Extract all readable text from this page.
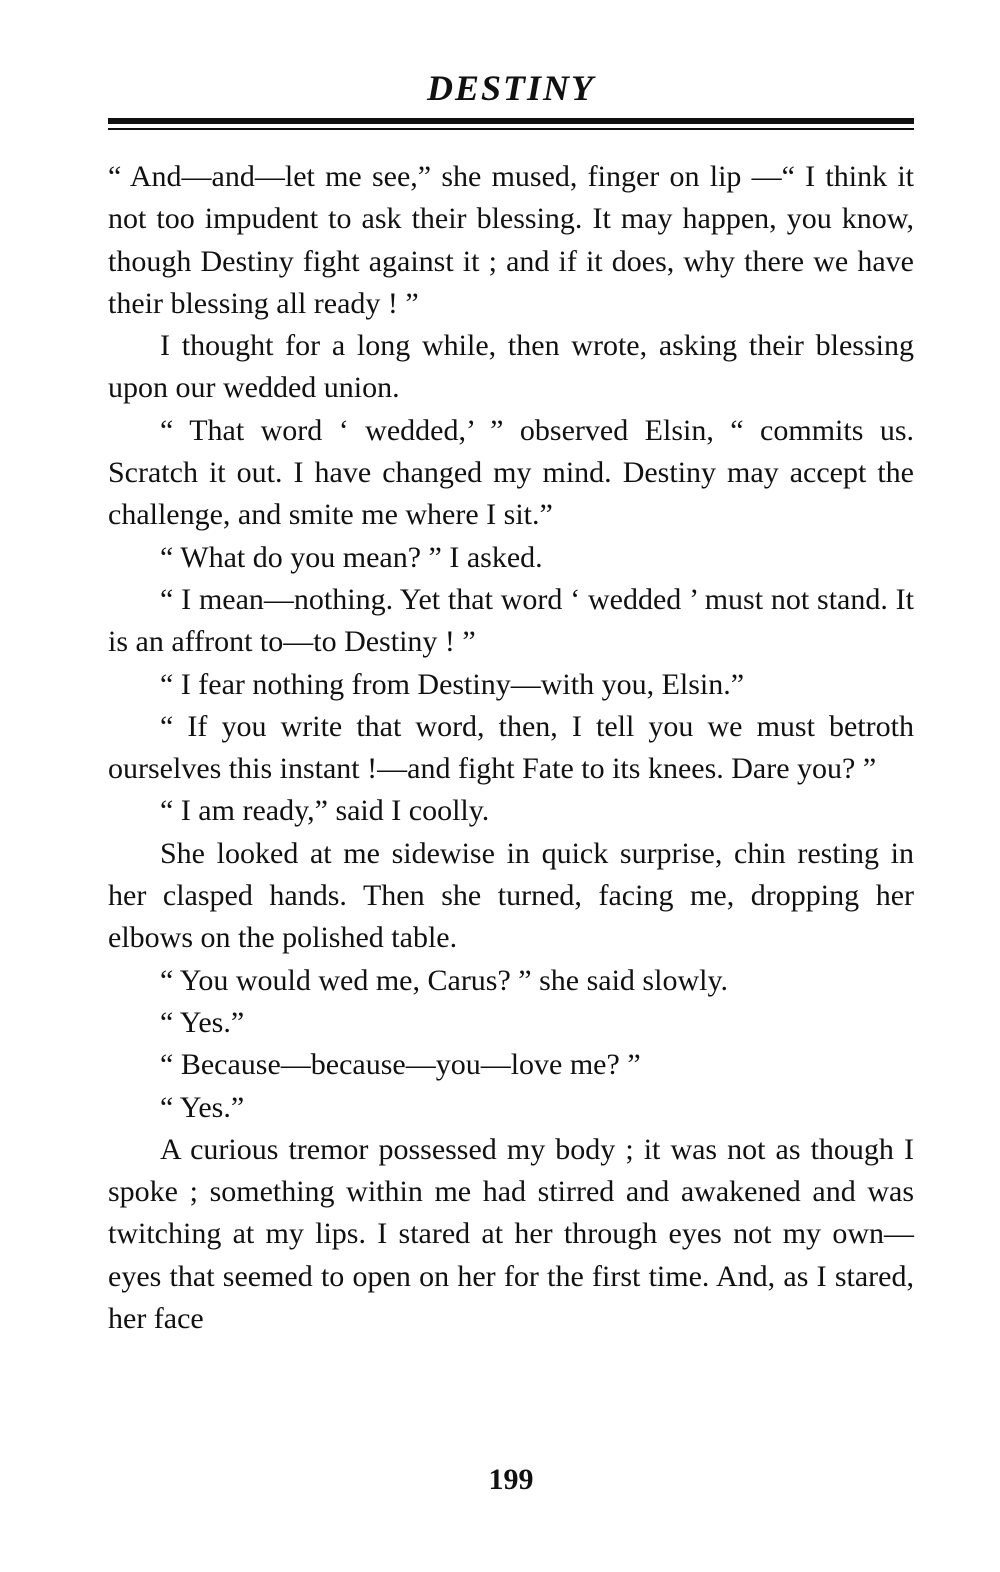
DESTINY

“ And—and—let me see,” she mused, finger on lip —“ I think it not too impudent to ask their blessing. It may happen, you know, though Destiny fight against it ; and if it does, why there we have their blessing all ready ! ”

I thought for a long while, then wrote, asking their blessing upon our wedded union.

“ That word ‘ wedded,’ ” observed Elsin, “ commits us. Scratch it out. I have changed my mind. Destiny may accept the challenge, and smite me where I sit.”

“ What do you mean? ” I asked.

“ I mean—nothing. Yet that word ‘ wedded ’ must not stand. It is an affront to—to Destiny ! ”

“ I fear nothing from Destiny—with you, Elsin.”

“ If you write that word, then, I tell you we must betroth ourselves this instant !—and fight Fate to its knees. Dare you? ”

“ I am ready,” said I coolly.

She looked at me sidewise in quick surprise, chin resting in her clasped hands. Then she turned, facing me, dropping her elbows on the polished table.

“ You would wed me, Carus? ” she said slowly.

“ Yes.”

“ Because—because—you—love me? ”

“ Yes.”

A curious tremor possessed my body ; it was not as though I spoke ; something within me had stirred and awakened and was twitching at my lips. I stared at her through eyes not my own—eyes that seemed to open on her for the first time. And, as I stared, her face

199
